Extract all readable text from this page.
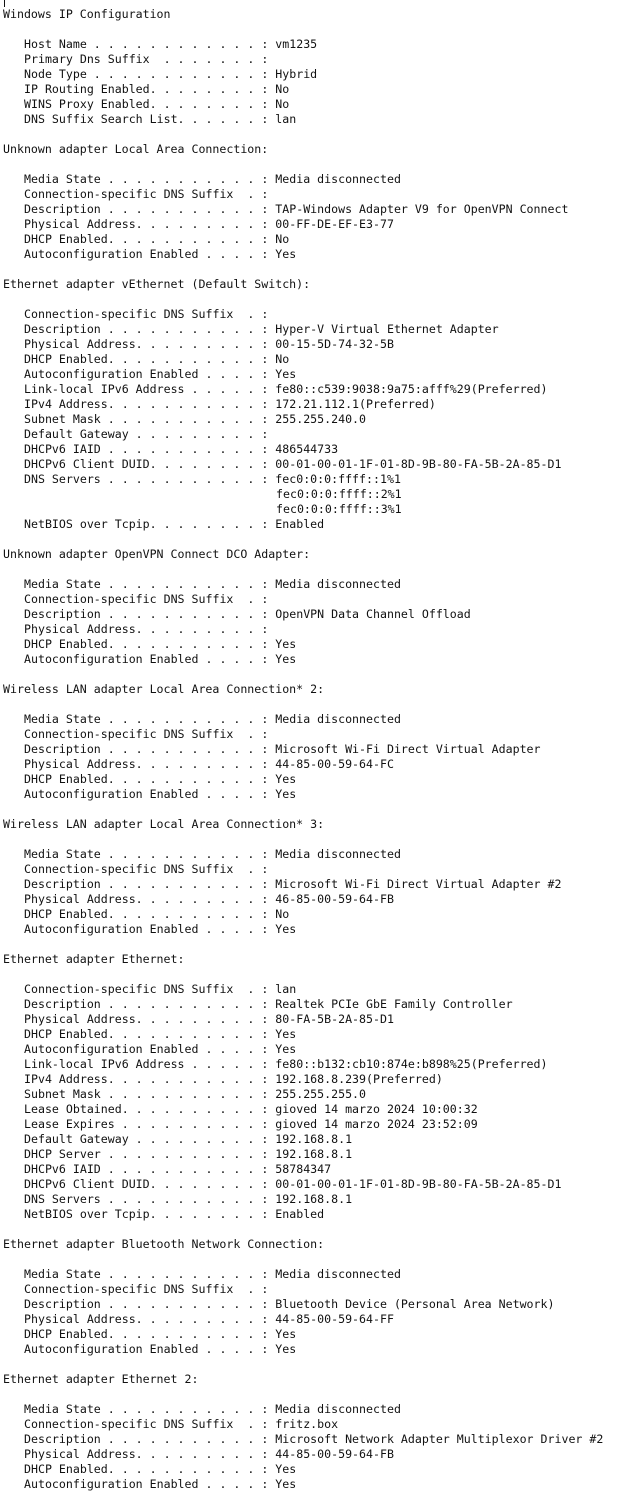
Windows IP Configuration
Host Name . . . . . . . . . . . . : vm1235
Primary Dns Suffix  . . . . . . . :
Node Type . . . . . . . . . . . . : Hybrid
IP Routing Enabled. . . . . . . . : No
WINS Proxy Enabled. . . . . . . . : No
DNS Suffix Search List. . . . . . : lan
Unknown adapter Local Area Connection:
Media State . . . . . . . . . . . : Media disconnected
Connection-specific DNS Suffix  . :
Description . . . . . . . . . . . : TAP-Windows Adapter V9 for OpenVPN Connect
Physical Address. . . . . . . . . : 00-FF-DE-EF-E3-77
DHCP Enabled. . . . . . . . . . . : No
Autoconfiguration Enabled . . . . : Yes
Ethernet adapter vEthernet (Default Switch):
Connection-specific DNS Suffix  . :
Description . . . . . . . . . . . : Hyper-V Virtual Ethernet Adapter
Physical Address. . . . . . . . . : 00-15-5D-74-32-5B
DHCP Enabled. . . . . . . . . . . : No
Autoconfiguration Enabled . . . . : Yes
Link-local IPv6 Address . . . . . : fe80::c539:9038:9a75:afff%29(Preferred)
IPv4 Address. . . . . . . . . . . : 172.21.112.1(Preferred)
Subnet Mask . . . . . . . . . . . : 255.255.240.0
Default Gateway . . . . . . . . . :
DHCPv6 IAID . . . . . . . . . . . : 486544733
DHCPv6 Client DUID. . . . . . . . : 00-01-00-01-1F-01-8D-9B-80-FA-5B-2A-85-D1
DNS Servers . . . . . . . . . . . : fec0:0:0:ffff::1%1
fec0:0:0:ffff::2%1
fec0:0:0:ffff::3%1
NetBIOS over Tcpip. . . . . . . . : Enabled
Unknown adapter OpenVPN Connect DCO Adapter:
Media State . . . . . . . . . . . : Media disconnected
Connection-specific DNS Suffix  . :
Description . . . . . . . . . . . : OpenVPN Data Channel Offload
Physical Address. . . . . . . . . :
DHCP Enabled. . . . . . . . . . . : Yes
Autoconfiguration Enabled . . . . : Yes
Wireless LAN adapter Local Area Connection* 2:
Media State . . . . . . . . . . . : Media disconnected
Connection-specific DNS Suffix  . :
Description . . . . . . . . . . . : Microsoft Wi-Fi Direct Virtual Adapter
Physical Address. . . . . . . . . : 44-85-00-59-64-FC
DHCP Enabled. . . . . . . . . . . : Yes
Autoconfiguration Enabled . . . . : Yes
Wireless LAN adapter Local Area Connection* 3:
Media State . . . . . . . . . . . : Media disconnected
Connection-specific DNS Suffix  . :
Description . . . . . . . . . . . : Microsoft Wi-Fi Direct Virtual Adapter #2
Physical Address. . . . . . . . . : 46-85-00-59-64-FB
DHCP Enabled. . . . . . . . . . . : No
Autoconfiguration Enabled . . . . : Yes
Ethernet adapter Ethernet:
Connection-specific DNS Suffix  . : lan
Description . . . . . . . . . . . : Realtek PCIe GbE Family Controller
Physical Address. . . . . . . . . : 80-FA-5B-2A-85-D1
DHCP Enabled. . . . . . . . . . . : Yes
Autoconfiguration Enabled . . . . : Yes
Link-local IPv6 Address . . . . . : fe80::b132:cb10:874e:b898%25(Preferred)
IPv4 Address. . . . . . . . . . . : 192.168.8.239(Preferred)
Subnet Mask . . . . . . . . . . . : 255.255.255.0
Lease Obtained. . . . . . . . . . : gioved 14 marzo 2024 10:00:32
Lease Expires . . . . . . . . . . : gioved 14 marzo 2024 23:52:09
Default Gateway . . . . . . . . . : 192.168.8.1
DHCP Server . . . . . . . . . . . : 192.168.8.1
DHCPv6 IAID . . . . . . . . . . . : 58784347
DHCPv6 Client DUID. . . . . . . . : 00-01-00-01-1F-01-8D-9B-80-FA-5B-2A-85-D1
DNS Servers . . . . . . . . . . . : 192.168.8.1
NetBIOS over Tcpip. . . . . . . . : Enabled
Ethernet adapter Bluetooth Network Connection:
Media State . . . . . . . . . . . : Media disconnected
Connection-specific DNS Suffix  . :
Description . . . . . . . . . . . : Bluetooth Device (Personal Area Network)
Physical Address. . . . . . . . . : 44-85-00-59-64-FF
DHCP Enabled. . . . . . . . . . . : Yes
Autoconfiguration Enabled . . . . : Yes
Ethernet adapter Ethernet 2:
Media State . . . . . . . . . . . : Media disconnected
Connection-specific DNS Suffix  . : fritz.box
Description . . . . . . . . . . . : Microsoft Network Adapter Multiplexor Driver #2
Physical Address. . . . . . . . . : 44-85-00-59-64-FB
DHCP Enabled. . . . . . . . . . . : Yes
Autoconfiguration Enabled . . . . : Yes
